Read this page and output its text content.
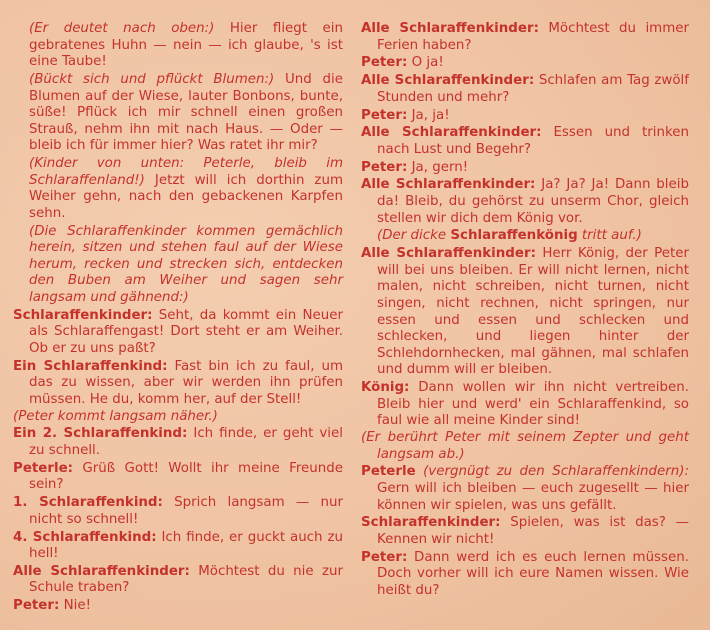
(Er deutet nach oben:) Hier fliegt ein gebratenes Huhn — nein — ich glaube, 's ist eine Taube!
(Bückt sich und pflückt Blumen:) Und die Blumen auf der Wiese, lauter Bonbons, bunte, süße! Pflück ich mir schnell einen großen Strauß, nehm ihn mit nach Haus. — Oder — bleib ich für immer hier? Was ratet ihr mir?
(Kinder von unten: Peterle, bleib im Schlaraffenland!) Jetzt will ich dorthin zum Weiher gehn, nach den gebackenen Karpfen sehn.
(Die Schlaraffenkinder kommen gemächlich herein, sitzen und stehen faul auf der Wiese herum, recken und strecken sich, entdecken den Buben am Weiher und sagen sehr langsam und gähnend:)
Schlaraffenkinder: Seht, da kommt ein Neuer als Schlaraffengast! Dort steht er am Weiher. Ob er zu uns paßt?
Ein Schlaraffenkind: Fast bin ich zu faul, um das zu wissen, aber wir werden ihn prüfen müssen. He du, komm her, auf der Stell!
(Peter kommt langsam näher.)
Ein 2. Schlaraffenkind: Ich finde, er geht viel zu schnell.
Peterle: Grüß Gott! Wollt ihr meine Freunde sein?
1. Schlaraffenkind: Sprich langsam — nur nicht so schnell!
4. Schlaraffenkind: Ich finde, er guckt auch zu hell!
Alle Schlaraffenkinder: Möchtest du nie zur Schule traben?
Peter: Nie!
Alle Schlaraffenkinder: Möchtest du immer Ferien haben?
Peter: O ja!
Alle Schlaraffenkinder: Schlafen am Tag zwölf Stunden und mehr?
Peter: Ja, ja!
Alle Schlaraffenkinder: Essen und trinken nach Lust und Begehr?
Peter: Ja, gern!
Alle Schlaraffenkinder: Ja? Ja? Ja! Dann bleib da! Bleib, du gehörst zu unserm Chor, gleich stellen wir dich dem König vor.
(Der dicke Schlaraffenkönig tritt auf.)
Alle Schlaraffenkinder: Herr König, der Peter will bei uns bleiben. Er will nicht lernen, nicht malen, nicht schreiben, nicht turnen, nicht singen, nicht rechnen, nicht springen, nur essen und essen und schlecken und schlecken, und liegen hinter der Schlehdornhecken, mal gähnen, mal schlafen und dumm will er bleiben.
König: Dann wollen wir ihn nicht vertreiben. Bleib hier und werd' ein Schlaraffenkind, so faul wie all meine Kinder sind!
(Er berührt Peter mit seinem Zepter und geht langsam ab.)
Peterle (vergnügt zu den Schlaraffenkindern): Gern will ich bleiben — euch zugesellt — hier können wir spielen, was uns gefällt.
Schlaraffenkinder: Spielen, was ist das? — Kennen wir nicht!
Peter: Dann werd ich es euch lernen müssen. Doch vorher will ich eure Namen wissen. Wie heißt du?
